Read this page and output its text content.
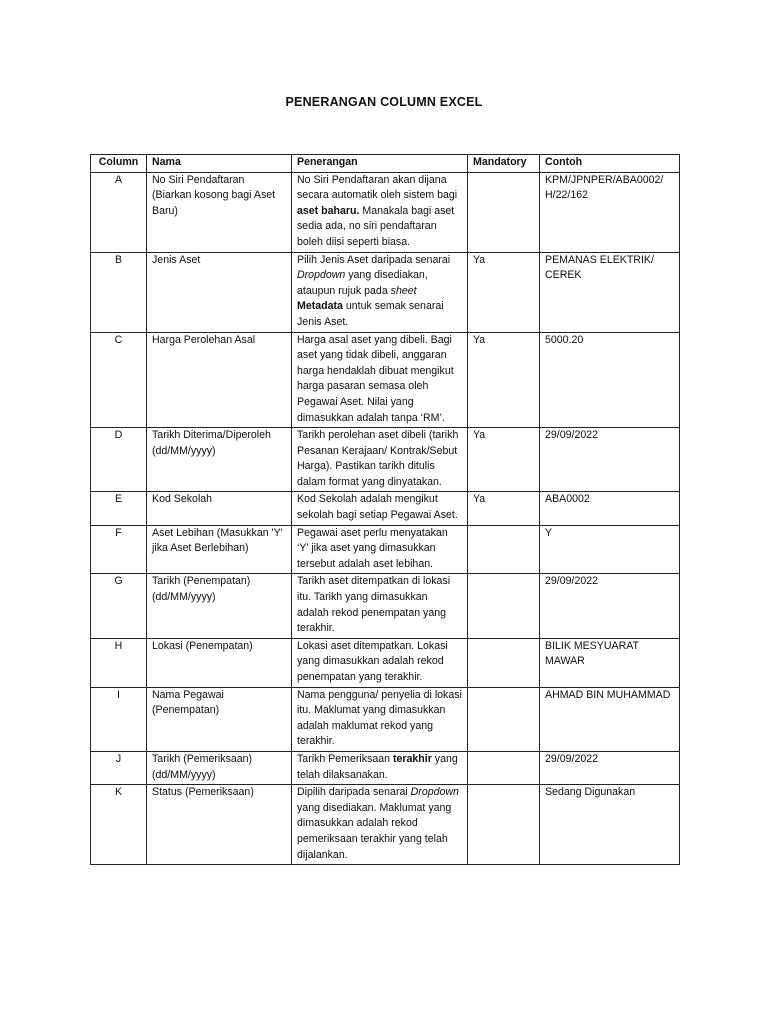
PENERANGAN COLUMN EXCEL
Column	Nama	Penerangan	Mandatory	Contoh
A	No Siri Pendaftaran (Biarkan kosong bagi Aset Baru)	No Siri Pendaftaran akan dijana secara automatik oleh sistem bagi aset baharu. Manakala bagi aset sedia ada, no siri pendaftaran boleh diisi seperti biasa.		KPM/JPNPER/ABA0002/ H/22/162
B	Jenis Aset	Pilih Jenis Aset daripada senarai Dropdown yang disediakan, ataupun rujuk pada sheet Metadata untuk semak senarai Jenis Aset.	Ya	PEMANAS ELEKTRIK/ CEREK
C	Harga Perolehan Asal	Harga asal aset yang dibeli. Bagi aset yang tidak dibeli, anggaran harga hendaklah dibuat mengikut harga pasaran semasa oleh Pegawai Aset. Nilai yang dimasukkan adalah tanpa ‘RM’.	Ya	5000.20
D	Tarikh Diterima/Diperoleh (dd/MM/yyyy)	Tarikh perolehan aset dibeli (tarikh Pesanan Kerajaan/ Kontrak/Sebut Harga). Pastikan tarikh ditulis dalam format yang dinyatakan.	Ya	29/09/2022
E	Kod Sekolah	Kod Sekolah adalah mengikut sekolah bagi setiap Pegawai Aset.	Ya	ABA0002
F	Aset Lebihan (Masukkan 'Y' jika Aset Berlebihan)	Pegawai aset perlu menyatakan ‘Y’ jika aset yang dimasukkan tersebut adalah aset lebihan.		Y
G	Tarikh (Penempatan) (dd/MM/yyyy)	Tarikh aset ditempatkan di lokasi itu. Tarikh yang dimasukkan adalah rekod penempatan yang terakhir.		29/09/2022
H	Lokasi (Penempatan)	Lokasi aset ditempatkan. Lokasi yang dimasukkan adalah rekod penempatan yang terakhir.		BILIK MESYUARAT MAWAR
I	Nama Pegawai (Penempatan)	Nama pengguna/ penyelia di lokasi itu. Maklumat yang dimasukkan adalah maklumat rekod yang terakhir.		AHMAD BIN MUHAMMAD
J	Tarikh (Pemeriksaan) (dd/MM/yyyy)	Tarikh Pemeriksaan terakhir yang telah dilaksanakan.		29/09/2022
K	Status (Pemeriksaan)	Dipilih daripada senarai Dropdown yang disediakan. Maklumat yang dimasukkan adalah rekod pemeriksaan terakhir yang telah dijalankan.		Sedang Digunakan
